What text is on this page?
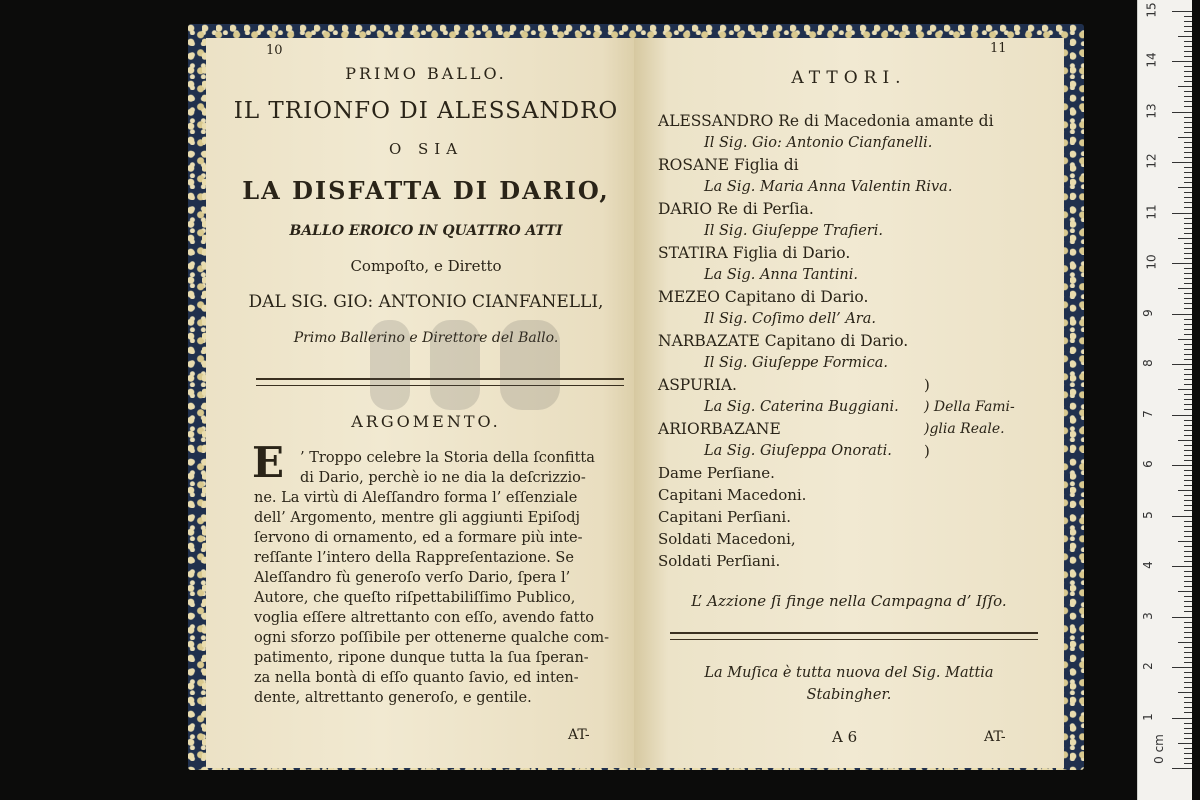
10
PRIMO BALLO.
IL TRIONFO DI ALESSANDRO
O SIA
LA DISFATTA DI DARIO,
BALLO EROICO IN QUATTRO ATTI
Compoſto, e Diretto
DAL SIG. GIO: ANTONIO CIANFANELLI,
Primo Ballerino e Direttore del Ballo.
ARGOMENTO.
E ’ Troppo celebre la Storia della ſconfitta
di Dario, perchè io ne dia la deſcrizzio-
ne. La virtù di Aleſſandro forma l’ eſſenziale
dell’ Argomento, mentre gli aggiunti Epiſodj
ſervono di ornamento, ed a formare più inte-
reſſante l’intero della Rappreſentazione. Se
Aleſſandro fù generoſo verſo Dario, ſpera l’
Autore, che queſto riſpettabiliſſimo Publico,
voglia eſſere altrettanto con eſſo, avendo fatto
ogni sforzo poſſibile per ottenerne qualche com-
patimento, ripone dunque tutta la ſua ſperan-
za nella bontà di eſſo quanto ſavio, ed inten-
dente, altrettanto generoſo, e gentile.
AT-
11
ATTORI.
ALESSANDRO Re di Macedonia amante di
Il Sig. Gio: Antonio Cianfanelli.
ROSANE Figlia di
La Sig. Maria Anna Valentin Riva.
DARIO Re di Perſia.
Il Sig. Giuſeppe Trafieri.
STATIRA Figlia di Dario.
La Sig. Anna Tantini.
MEZEO Capitano di Dario.
Il Sig. Coſimo dell’ Ara.
NARBAZATE Capitano di Dario.
Il Sig. Giuſeppe Formica.
ASPURIA.	)
La Sig. Caterina Buggiani. ) Della Fami-
ARIORBAZANE	)glia Reale.
La Sig. Giuſeppa Onorati. )
Dame Perſiane.
Capitani Macedoni.
Capitani Perſiani.
Soldati Macedoni,
Soldati Perſiani.
L’ Azzione ſi finge nella Campagna d’ Iſſo.
La Muſica è tutta nuova del Sig. Mattia
Stabingher.
A 6	AT-	0 cm
1
2
3
4
5
6
7
8
9
10
11
12
13
14
15
